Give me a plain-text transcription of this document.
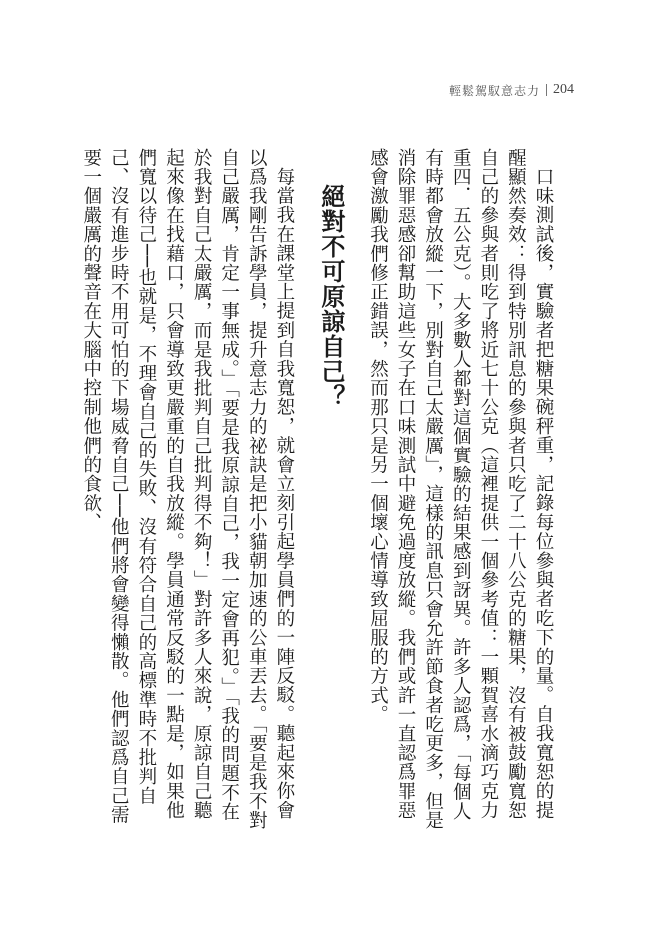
輕鬆駕馭意志力 204

口味測試後，實驗者把糖果碗秤重，記錄每位參與者吃下的量。自我寬恕的提醒顯然奏效：得到特別訊息的參與者只吃了二十八公克的糖果，沒有被鼓勵寬恕自己的參與者則吃了將近七十公克（這裡提供一個參考值：一顆賀喜水滴巧克力重四．五公克）。大多數人都對這個實驗的結果感到訝異。許多人認爲，「每個人有時都會放縱一下，別對自己太嚴厲」，這樣的訊息只會允許節食者吃更多，但是消除罪惡感卻幫助這些女子在口味測試中避免過度放縱。我們或許一直認爲罪惡感會激勵我們修正錯誤，然而那只是另一個壞心情導致屈服的方式。

絕對不可原諒自己？

每當我在課堂上提到自我寬恕，就會立刻引起學員們的一陣反駁。聽起來你會以爲我剛告訴學員，提升意志力的祕訣是把小貓朝加速的公車丟去。「要是我不對自己嚴厲，肯定一事無成。」「要是我原諒自己，我一定會再犯。」「我的問題不在於我對自己太嚴厲，而是我批判自己批判得不夠！」對許多人來說，原諒自己聽起來像在找藉口，只會導致更嚴重的自我放縱。學員通常反駁的一點是，如果他們寬以待己──也就是，不理會自己的失敗、沒有符合自己的高標準時不批判自己、沒有進步時不用可怕的下場威脅自己──他們將會變得懶散。他們認爲自己需要一個嚴厲的聲音在大腦中控制他們的食欲、
